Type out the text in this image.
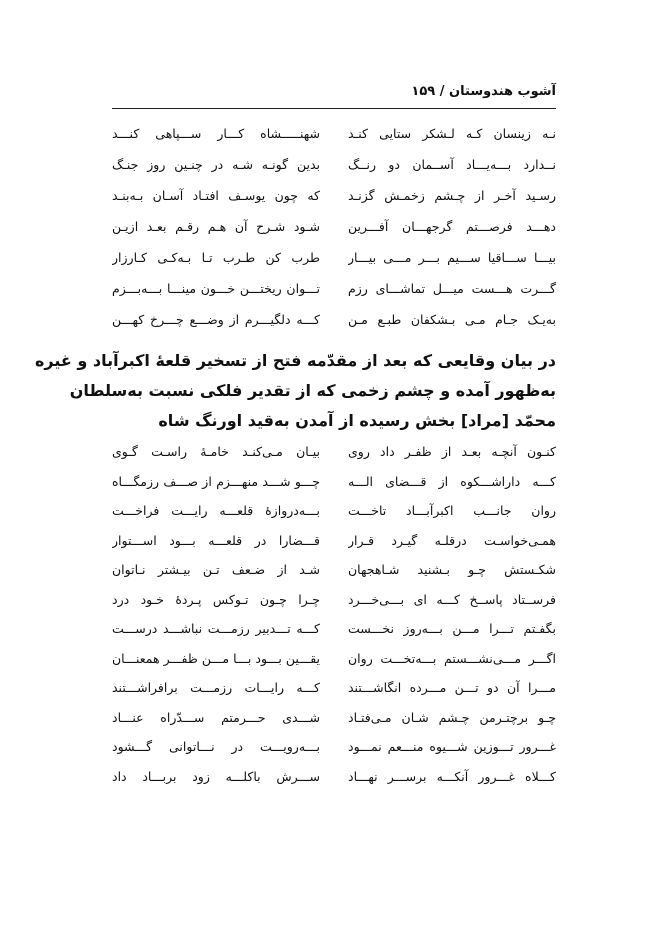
آشوب هندوستان / ۱۵۹
نـه زینسان کـه لـشکر ستایی کنـد
شهنـــــشاه کـــار ســـپاهی کنـــد
نــدارد بـــه‌یـــاد آســمان دو رنــگ
بدین گونـه شـه در چنـین روز جنـگ
رسـید آخـر از چـشم زخمـش گزنـد
که چون یوسـف افتـاد آسـان بـه‌بنـد
دهـــد فرصـــتم گرجهـــان آفـــرین
شـود شـرح آن هـم رقـم بعـد ازیـن
بیـــا ســـاقیا ســـیم بـــر مـــی بیـــار
طرب کن طـرب تـا بـه‌کـی کـارزار
گـــرت هـــست میـــل تماشـــای رزم
تـــوان ریختـــن خـــون مینـــا بـــه‌بـــزم
به‌یـک جـام مـی بـشکفان طبـع مـن
کـــه دلگیـــرم از وضـــع چـــرخ کهـــن
در بیان وقایعی که بعد از مقدّمه فتح از تسخیر قلعهٔ اکبرآباد و غیره
به‌ظهور آمده و چشم زخمی که از تقدیر فلکی نسبت به‌سلطان
محمّد [مراد] بخش رسیده از آمدن به‌قید اورنگ شاه
کنـون آنچـه بعـد از ظفـر داد روی
بیـان مـی‌کنـد خامـهٔ راسـت گـوی
کـــه داراشـــکوه از قـــضای الـــه
چـــو شـــد منهـــزم از صـــف رزمگـــاه
روان جانـــب اکبرآبـــاد تاخـــت
بـــه‌دروازهٔ قلعـــه رایـــت فراخـــت
همـی‌خواسـت درقلـه گیـرد قـرار
قـــضارا در قلعـــه بـــود اســـتوار
شکـستش چـو بـشنید شـاهجهان
شـد از ضـعف تـن بیـشتر نـاتوان
فرســتاد پاســخ کـــه ای بـــی‌خـــرد
چـرا چـون تـوکس پـردهٔ خـود درد
بگفـتم تـــرا مـــن بـــه‌روز نخـــست
کـــه تـــدبیر رزمـــت نباشـــد درســـت
اگـــر مـــی‌نشـــستم بـــه‌تخـــت روان
یقـــین بـــود بـــا مـــن ظفـــر همعنـــان
مـــرا آن دو تـــن مـــرده انگاشـــتند
کـــه رایـــات رزمـــت برافراشـــتند
چـو برچتـرمن چـشم شـان مـی‌فتـاد
شـــدی حـــرمتم ســـدّراه عنـــاد
غـــرور تـــوزین شـــیوه منـــعم نمـــود
بـــه‌رویـــت در نـــاتوانی گـــشود
کـــلاه غـــرور آنکـــه برســـر نهـــاد
ســـرش باکلـــه زود بربـــاد داد
